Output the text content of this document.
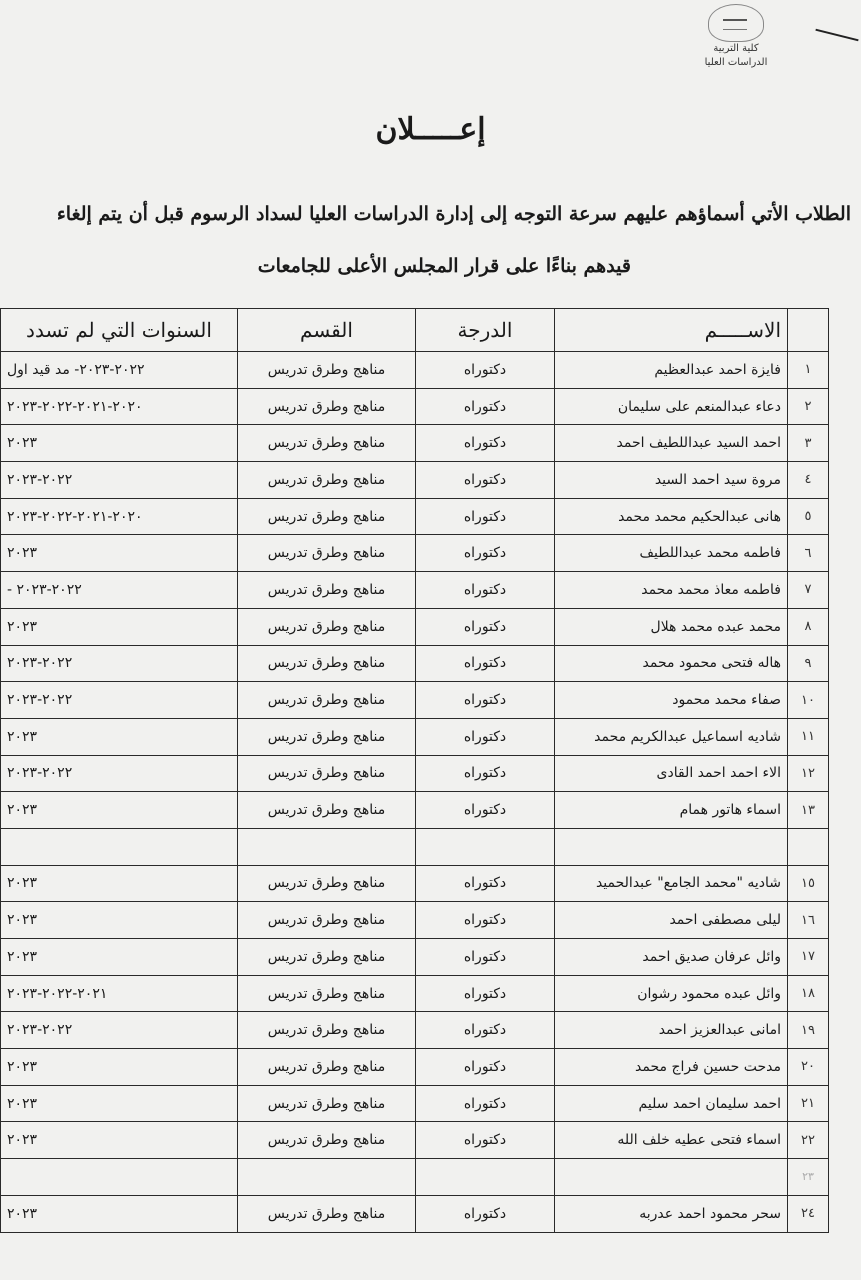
كلية التربية
الدراسات العليا
إعـــــلان
الطلاب الأتي أسماؤهم عليهم سرعة التوجه إلى إدارة الدراسات العليا لسداد الرسوم قبل أن يتم إلغاء
قيدهم بناءًا على قرار المجلس الأعلى للجامعات
	الاســـــم	الدرجة	القسم	السنوات التي لم تسدد
١	فايزة احمد عبدالعظيم	دكتوراه	مناهج وطرق تدريس	٢٠٢٢-٢٠٢٣- مد قيد اول
٢	دعاء عبدالمنعم على سليمان	دكتوراه	مناهج وطرق تدريس	٢٠٢٠-٢٠٢١-٢٠٢٢-٢٠٢٣
٣	احمد السيد عبداللطيف احمد	دكتوراه	مناهج وطرق تدريس	٢٠٢٣
٤	مروة سيد احمد السيد	دكتوراه	مناهج وطرق تدريس	٢٠٢٢-٢٠٢٣
٥	هانى عبدالحكيم محمد محمد	دكتوراه	مناهج وطرق تدريس	٢٠٢٠-٢٠٢١-٢٠٢٢-٢٠٢٣
٦	فاطمه محمد عبداللطيف	دكتوراه	مناهج وطرق تدريس	٢٠٢٣
٧	فاطمه معاذ محمد محمد	دكتوراه	مناهج وطرق تدريس	- ٢٠٢٢-٢٠٢٣
٨	محمد عبده محمد هلال	دكتوراه	مناهج وطرق تدريس	٢٠٢٣
٩	هاله فتحى محمود محمد	دكتوراه	مناهج وطرق تدريس	٢٠٢٢-٢٠٢٣
١٠	صفاء محمد محمود	دكتوراه	مناهج وطرق تدريس	٢٠٢٢-٢٠٢٣
١١	شاديه اسماعيل عبدالكريم محمد	دكتوراه	مناهج وطرق تدريس	٢٠٢٣
١٢	الاء احمد احمد القادى	دكتوراه	مناهج وطرق تدريس	٢٠٢٢-٢٠٢٣
١٣	اسماء هاتور همام	دكتوراه	مناهج وطرق تدريس	٢٠٢٣

١٥	شاديه "محمد الجامع" عبدالحميد	دكتوراه	مناهج وطرق تدريس	٢٠٢٣
١٦	ليلى مصطفى احمد	دكتوراه	مناهج وطرق تدريس	٢٠٢٣
١٧	وائل عرفان صديق احمد	دكتوراه	مناهج وطرق تدريس	٢٠٢٣
١٨	وائل عبده محمود رشوان	دكتوراه	مناهج وطرق تدريس	٢٠٢١-٢٠٢٢-٢٠٢٣
١٩	امانى عبدالعزيز احمد	دكتوراه	مناهج وطرق تدريس	٢٠٢٢-٢٠٢٣
٢٠	مدحت حسين فراج محمد	دكتوراه	مناهج وطرق تدريس	٢٠٢٣
٢١	احمد سليمان احمد سليم	دكتوراه	مناهج وطرق تدريس	٢٠٢٣
٢٢	اسماء فتحى عطيه خلف الله	دكتوراه	مناهج وطرق تدريس	٢٠٢٣
٢٣				
٢٤	سحر محمود احمد عدربه	دكتوراه	مناهج وطرق تدريس	٢٠٢٣
